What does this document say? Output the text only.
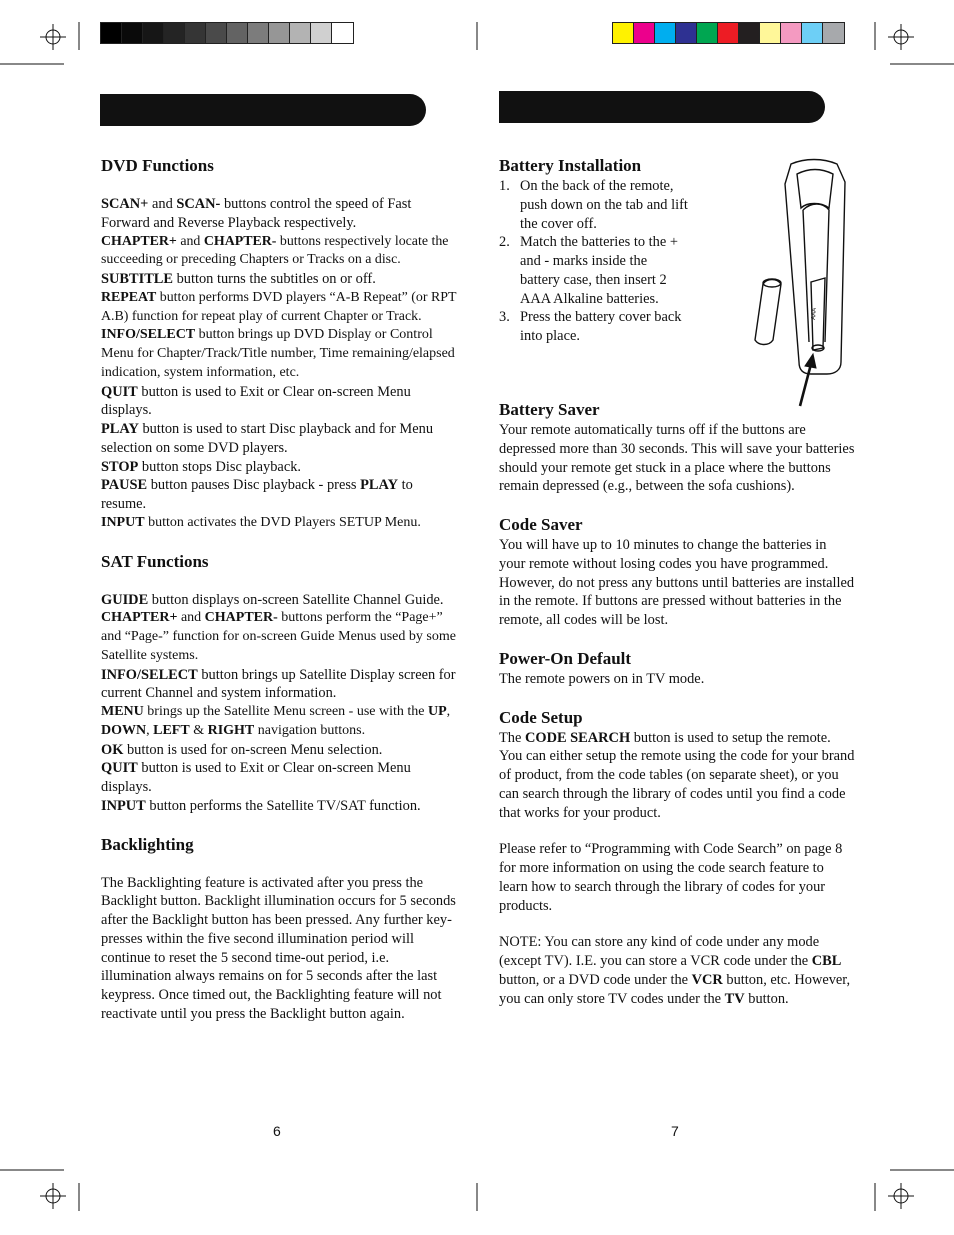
DVD Functions

SCAN+ and SCAN- buttons control the speed of Fast Forward and Reverse Playback respectively.

CHAPTER+ and CHAPTER- buttons respectively locate the succeeding or preceding Chapters or Tracks on a disc.

SUBTITLE button turns the subtitles on or off.

REPEAT button performs DVD players “A-B Repeat” (or RPT A.B) function for repeat play of current Chapter or Track.

INFO/SELECT button brings up DVD Display or Control Menu for Chapter/Track/Title number, Time remaining/elapsed indication, system information, etc.

QUIT button is used to Exit or Clear on-screen Menu displays.

PLAY button is used to start Disc playback and for Menu selection on some DVD players.

STOP button stops Disc playback.

PAUSE button pauses Disc playback - press PLAY to resume.

INPUT button activates the DVD Players SETUP Menu.

SAT Functions

GUIDE button displays on-screen Satellite Channel Guide.

CHAPTER+ and CHAPTER- buttons perform the “Page+” and “Page-” function for on-screen Guide Menus used by some Satellite systems.

INFO/SELECT button brings up Satellite Display screen for current Channel and system information.

MENU brings up the Satellite Menu screen - use with the UP, DOWN, LEFT & RIGHT navigation buttons.

OK button is used for on-screen Menu selection.

QUIT button is used to Exit or Clear on-screen Menu displays.

INPUT button performs the Satellite TV/SAT function.

Backlighting

The Backlighting feature is activated after you press the Backlight button. Backlight illumination occurs for 5 seconds after the Backlight button has been pressed. Any further key-presses within the five second illumination period will continue to reset the 5 second time-out period, i.e. illumination always remains on for 5 seconds after the last keypress. Once timed out, the Backlighting feature will not reactivate until you press the Backlight button again.

6
Battery Installation
1. On the back of the remote, push down on the tab and lift the cover off.
2. Match the batteries to the + and - marks inside the battery case, then insert 2 AAA Alkaline batteries.
3. Press the battery cover back into place.
Battery Saver

Your remote automatically turns off if the buttons are depressed more than 30 seconds. This will save your batteries should your remote get stuck in a place where the buttons remain depressed (e.g., between the sofa cushions).

Code Saver

You will have up to 10 minutes to change the batteries in your remote without losing codes you have programmed. However, do not press any buttons until batteries are installed in the remote. If buttons are pressed without batteries in the remote, all codes will be lost.

Power-On Default

The remote powers on in TV mode.

Code Setup

The CODE SEARCH button is used to setup the remote. You can either setup the remote using the code for your brand of product, from the code tables (on separate sheet), or you can search through the library of codes until you find a code that works for your product.

Please refer to “Programming with Code Search” on page 8 for more information on using the code search feature to learn how to search through the library of codes for your products.

NOTE: You can store any kind of code under any mode (except TV). I.E. you can store a VCR code under the CBL button, or a DVD code under the VCR button, etc. However, you can only store TV codes under the TV button.

AAA
7
